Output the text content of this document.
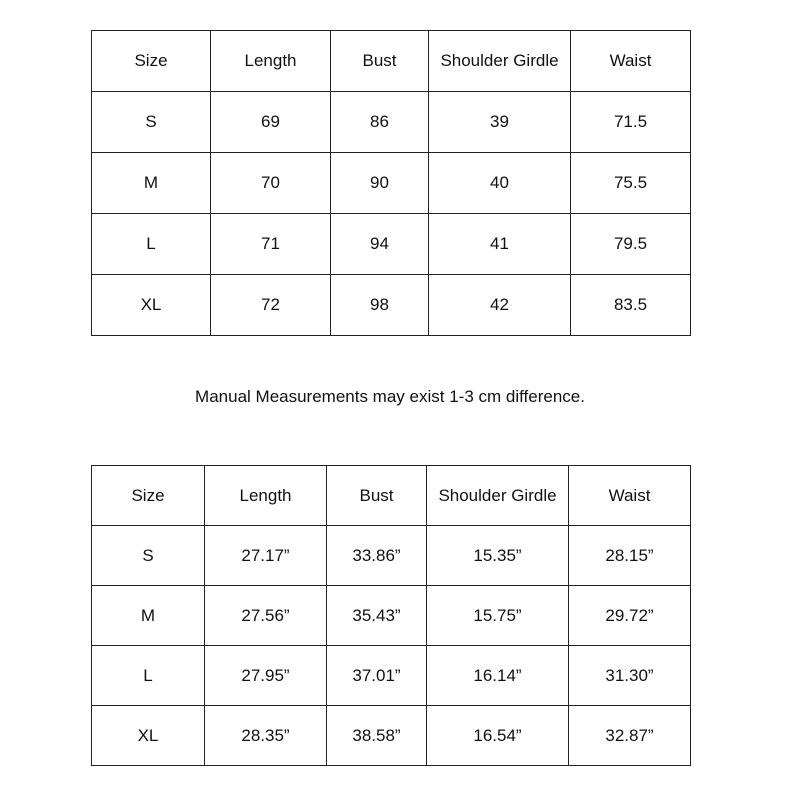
Size	Length	Bust	Shoulder Girdle	Waist
S	69	86	39	71.5
M	70	90	40	75.5
L	71	94	41	79.5
XL	72	98	42	83.5
Manual Measurements may exist 1-3 cm difference.
Size	Length	Bust	Shoulder Girdle	Waist
S	27.17”	33.86”	15.35”	28.15”
M	27.56”	35.43”	15.75”	29.72”
L	27.95”	37.01”	16.14”	31.30”
XL	28.35”	38.58”	16.54”	32.87”
